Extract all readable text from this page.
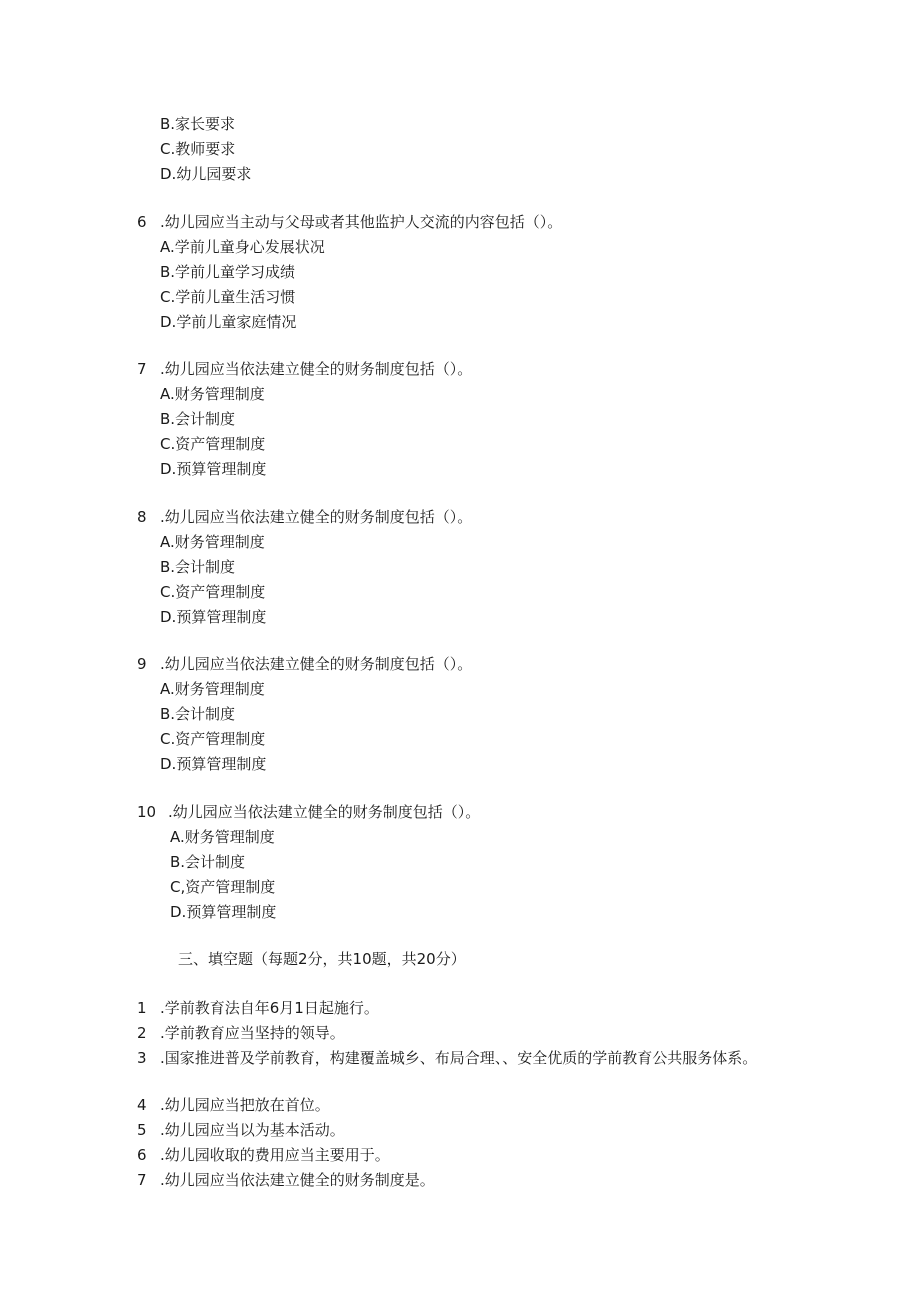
B.家长要求
C.教师要求
D.幼儿园要求
6 .幼儿园应当主动与父母或者其他监护人交流的内容包括（）。
A.学前儿童身心发展状况
B.学前儿童学习成绩
C.学前儿童生活习惯
D.学前儿童家庭情况
7 .幼儿园应当依法建立健全的财务制度包括（）。
A.财务管理制度
B.会计制度
C.资产管理制度
D.预算管理制度
8 .幼儿园应当依法建立健全的财务制度包括（）。
A.财务管理制度
B.会计制度
C.资产管理制度
D.预算管理制度
9 .幼儿园应当依法建立健全的财务制度包括（）。
A.财务管理制度
B.会计制度
C.资产管理制度
D.预算管理制度
10 .幼儿园应当依法建立健全的财务制度包括（）。
A.财务管理制度
B.会计制度
C,资产管理制度
D.预算管理制度
三、填空题（每题2分，共10题，共20分）
1 .学前教育法自年6月1日起施行。
2 .学前教育应当坚持的领导。
3 .国家推进普及学前教育，构建覆盖城乡、布局合理、、安全优质的学前教育公共服务体系。
4 .幼儿园应当把放在首位。
5 .幼儿园应当以为基本活动。
6 .幼儿园收取的费用应当主要用于。
7 .幼儿园应当依法建立健全的财务制度是。
